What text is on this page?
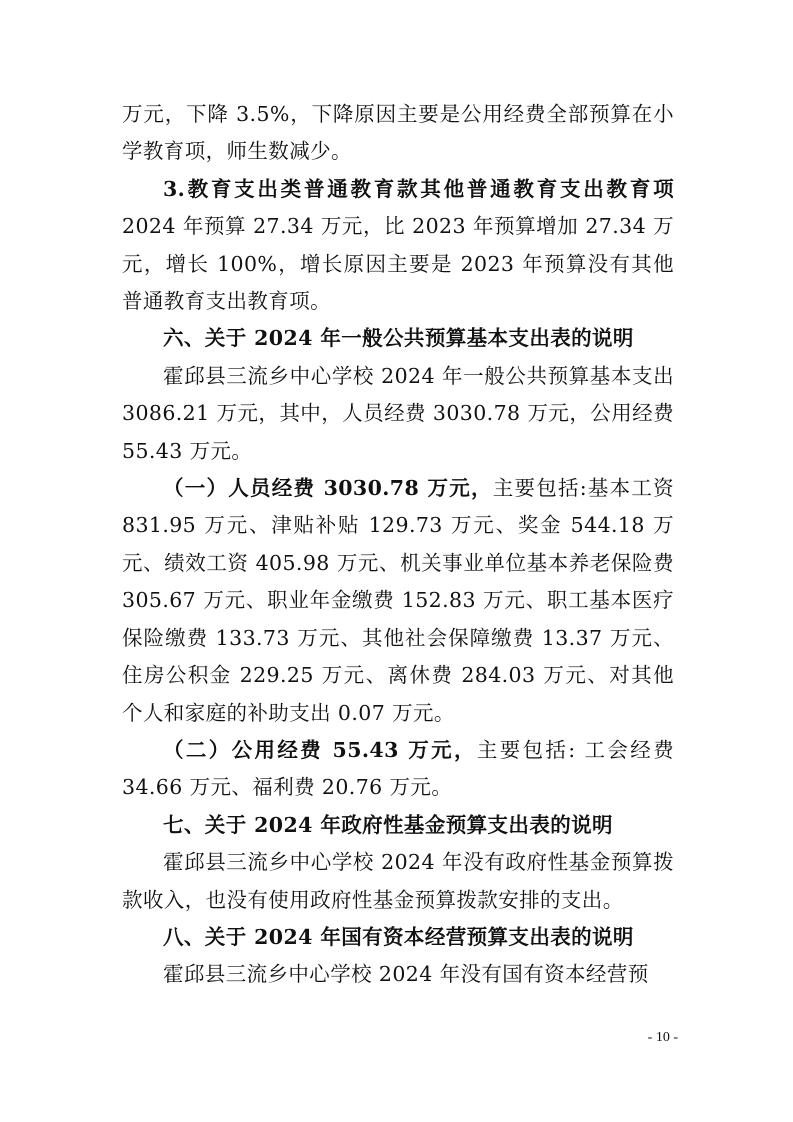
万元，下降 3.5%，下降原因主要是公用经费全部预算在小学教育项，师生数减少。

3.教育支出类普通教育款其他普通教育支出教育项2024 年预算 27.34 万元，比 2023 年预算增加 27.34 万元，增长 100%，增长原因主要是 2023 年预算没有其他普通教育支出教育项。

六、关于 2024 年一般公共预算基本支出表的说明

霍邱县三流乡中心学校 2024 年一般公共预算基本支出 3086.21 万元，其中，人员经费 3030.78 万元，公用经费 55.43 万元。

（一）人员经费 3030.78 万元，主要包括:基本工资 831.95 万元、津贴补贴 129.73 万元、奖金 544.18 万元、绩效工资 405.98 万元、机关事业单位基本养老保险费 305.67 万元、职业年金缴费 152.83 万元、职工基本医疗保险缴费 133.73 万元、其他社会保障缴费 13.37 万元、住房公积金 229.25 万元、离休费 284.03 万元、对其他个人和家庭的补助支出 0.07 万元。

（二）公用经费 55.43 万元，主要包括: 工会经费 34.66 万元、福利费 20.76 万元。

七、关于 2024 年政府性基金预算支出表的说明

霍邱县三流乡中心学校 2024 年没有政府性基金预算拨款收入，也没有使用政府性基金预算拨款安排的支出。

八、关于 2024 年国有资本经营预算支出表的说明

霍邱县三流乡中心学校 2024 年没有国有资本经营预

- 10 -
